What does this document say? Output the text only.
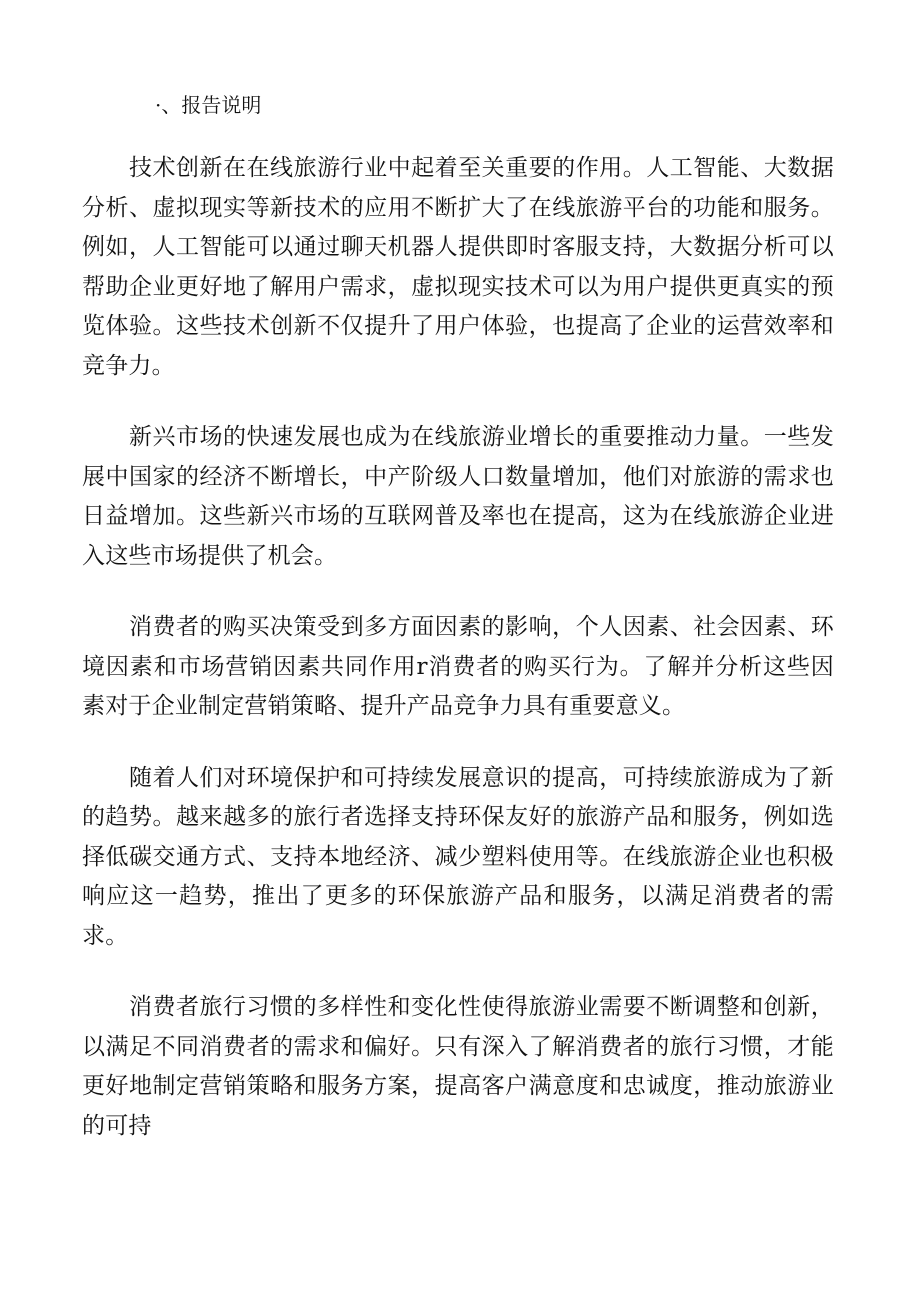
·、报告说明

技术创新在在线旅游行业中起着至关重要的作用。人工智能、大数据分析、虚拟现实等新技术的应用不断扩大了在线旅游平台的功能和服务。例如，人工智能可以通过聊天机器人提供即时客服支持，大数据分析可以帮助企业更好地了解用户需求，虚拟现实技术可以为用户提供更真实的预览体验。这些技术创新不仅提升了用户体验，也提高了企业的运营效率和竞争力。

新兴市场的快速发展也成为在线旅游业增长的重要推动力量。一些发展中国家的经济不断增长，中产阶级人口数量增加，他们对旅游的需求也日益增加。这些新兴市场的互联网普及率也在提高，这为在线旅游企业进入这些市场提供了机会。

消费者的购买决策受到多方面因素的影响，个人因素、社会因素、环境因素和市场营销因素共同作用r消费者的购买行为。了解并分析这些因素对于企业制定营销策略、提升产品竞争力具有重要意义。

随着人们对环境保护和可持续发展意识的提高，可持续旅游成为了新的趋势。越来越多的旅行者选择支持环保友好的旅游产品和服务，例如选择低碳交通方式、支持本地经济、减少塑料使用等。在线旅游企业也积极响应这一趋势，推出了更多的环保旅游产品和服务，以满足消费者的需求。

消费者旅行习惯的多样性和变化性使得旅游业需要不断调整和创新，以满足不同消费者的需求和偏好。只有深入了解消费者的旅行习惯，才能更好地制定营销策略和服务方案，提高客户满意度和忠诚度，推动旅游业的可持
